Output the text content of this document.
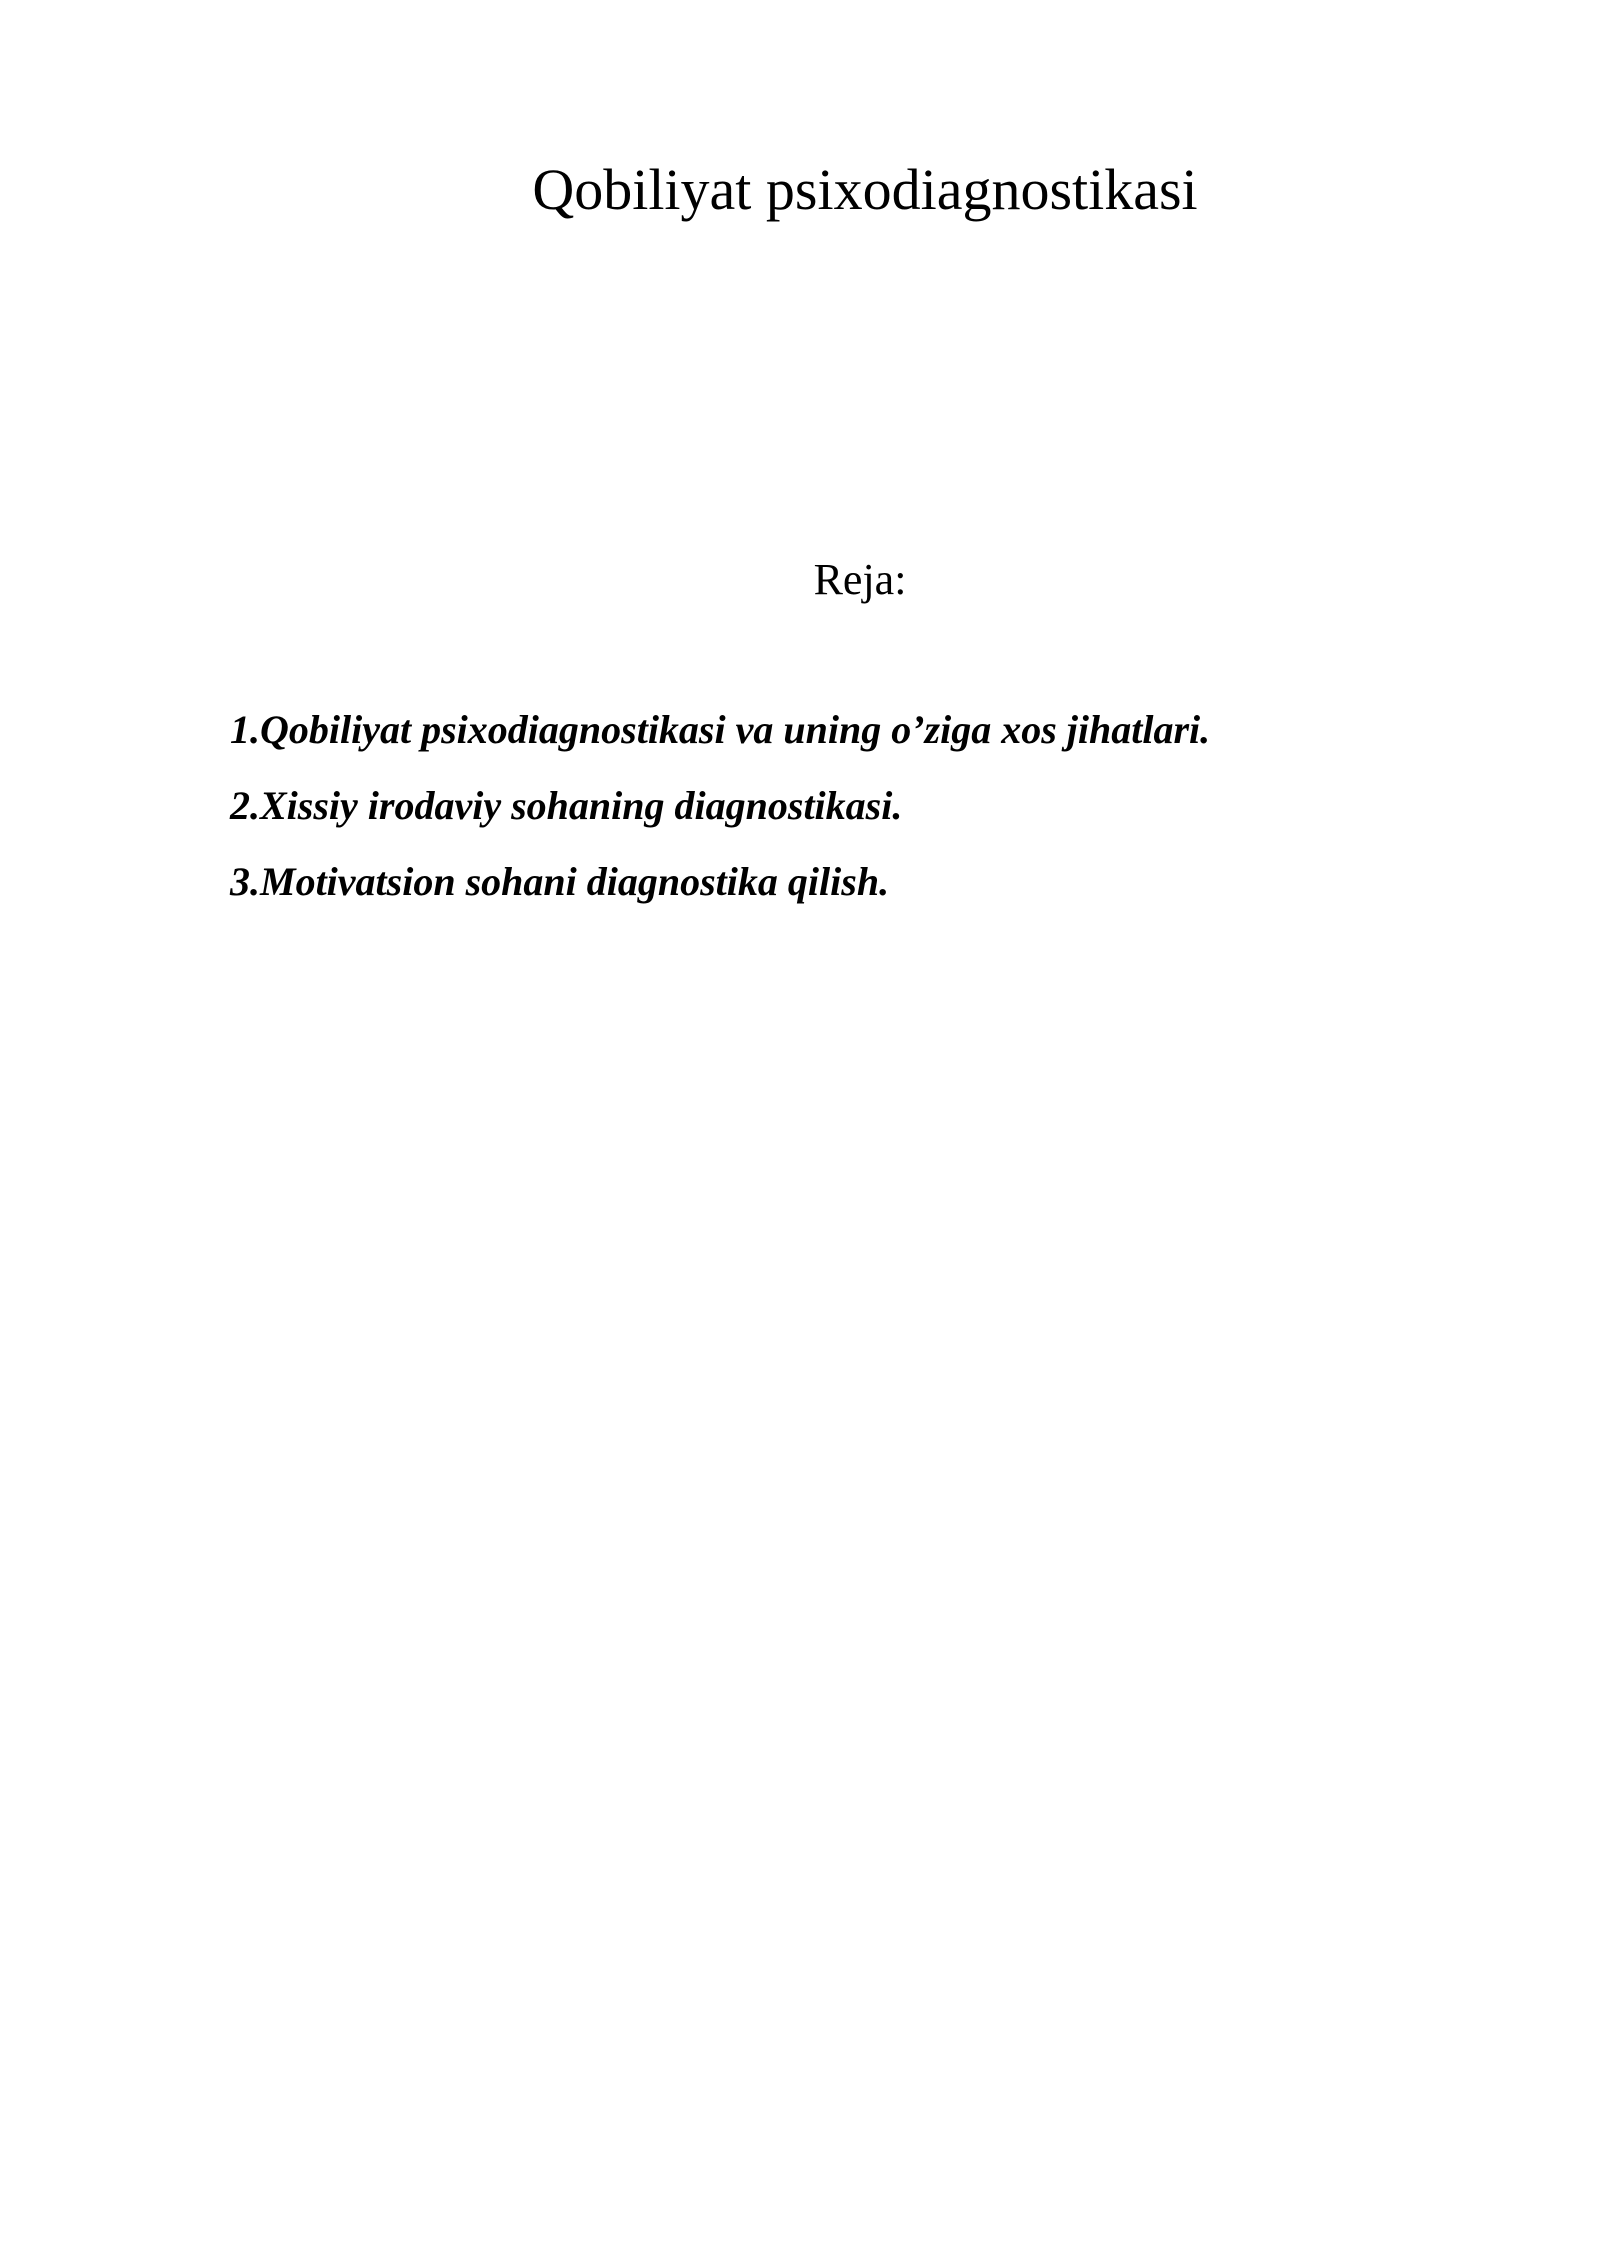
Qobiliyat psixodiagnostikasi
Reja:
1.Qobiliyat psixodiagnostikasi va uning o’ziga xos jihatlari.
2.Xissiy irodaviy sohaning diagnostikasi.
3.Motivatsion sohani diagnostika qilish.
